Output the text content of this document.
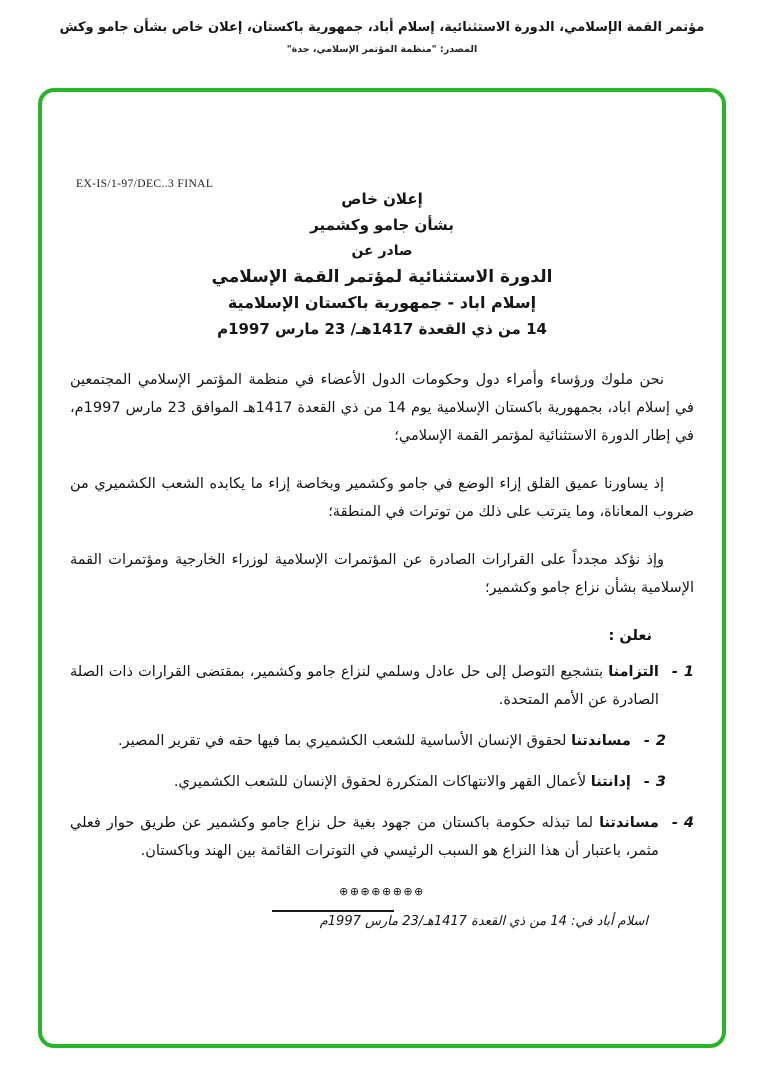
مؤتمر القمة الإسلامي، الدورة الاستثنائية، إسلام أباد، جمهورية باكستان، إعلان خاص بشأن جامو وكش
المصدر: "منظمة المؤتمر الإسلامي، جدة"
EX-IS/1-97/DEC..3 FINAL
إعلان خاص
بشأن جامو وكشمير
صادر عن
الدورة الاستثنائية لمؤتمر القمة الإسلامي
إسلام اباد - جمهورية باكستان الإسلامية
14 من ذي القعدة 1417هـ/ 23 مارس 1997م

نحن ملوك ورؤساء وأمراء دول وحكومات الدول الأعضاء في منظمة المؤتمر الإسلامي المجتمعين في إسلام اباد، بجمهورية باكستان الإسلامية يوم 14 من ذي القعدة 1417هـ الموافق 23 مارس 1997م، في إطار الدورة الاستثنائية لمؤتمر القمة الإسلامي؛

إذ يساورنا عميق القلق إزاء الوضع في جامو وكشمير وبخاصة إزاء ما يكابده الشعب الكشميري من ضروب المعاناة، وما يترتب على ذلك من توترات في المنطقة؛

وإذ نؤكد مجدداً على القرارات الصادرة عن المؤتمرات الإسلامية لوزراء الخارجية ومؤتمرات القمة الإسلامية بشأن نزاع جامو وكشمير؛

نعلن :
1
-
التزامنا بتشجيع التوصل إلى حل عادل وسلمي لنزاع جامو وكشمير، بمقتضى القرارات ذات الصلة الصادرة عن الأمم المتحدة.
2
-
مساندتنا لحقوق الإنسان الأساسية للشعب الكشميري بما فيها حقه في تقرير المصير.
3
-
إدانتنا لأعمال القهر والانتهاكات المتكررة لحقوق الإنسان للشعب الكشميري.
4
-
مساندتنا لما تبذله حكومة باكستان من جهود بغية حل نزاع جامو وكشمير عن طريق حوار فعلي مثمر، باعتبار أن هذا النزاع هو السبب الرئيسي في التوترات القائمة بين الهند وباكستان.
⊕⊕⊕⊕⊕⊕⊕⊕
اسلام أباد في: 14 من ذي القعدة 1417هـ/23 مارس 1997م
